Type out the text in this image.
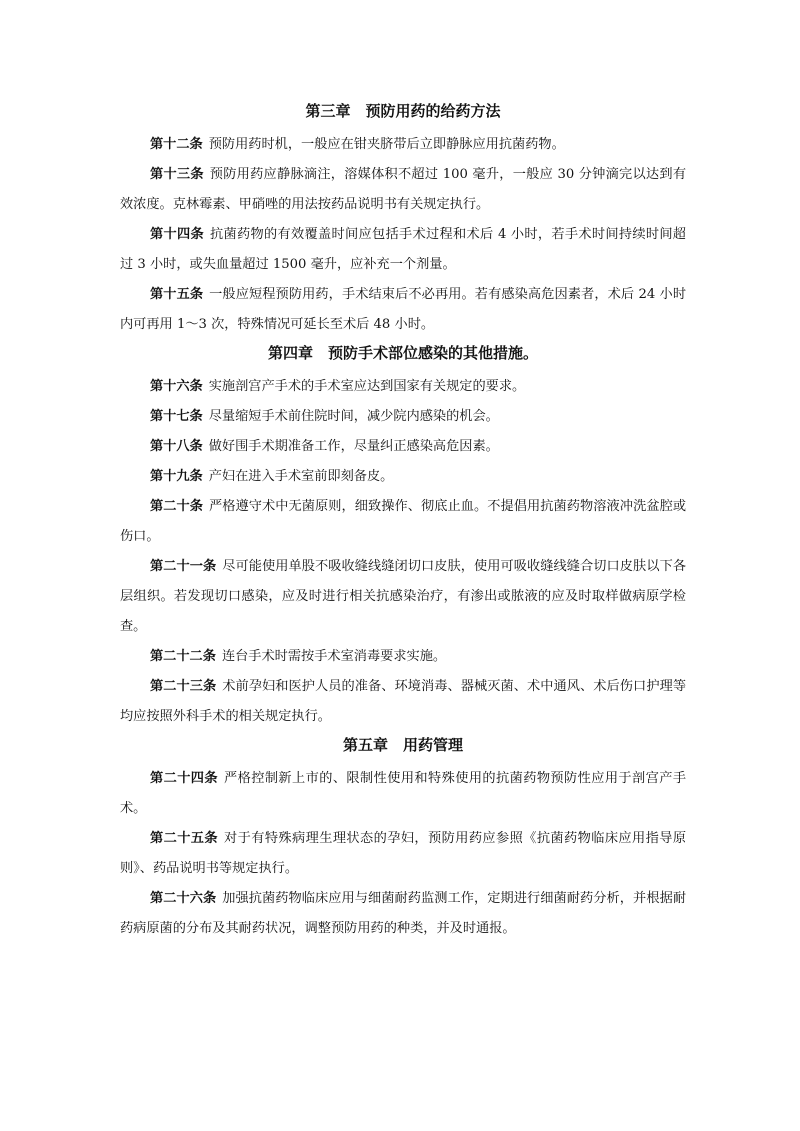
第三章　预防用药的给药方法

第十二条 预防用药时机，一般应在钳夹脐带后立即静脉应用抗菌药物。

第十三条 预防用药应静脉滴注，溶媒体积不超过 100 毫升，一般应 30 分钟滴完以达到有效浓度。克林霉素、甲硝唑的用法按药品说明书有关规定执行。

第十四条 抗菌药物的有效覆盖时间应包括手术过程和术后 4 小时，若手术时间持续时间超过 3 小时，或失血量超过 1500 毫升，应补充一个剂量。

第十五条 一般应短程预防用药，手术结束后不必再用。若有感染高危因素者，术后 24 小时内可再用 1～3 次，特殊情况可延长至术后 48 小时。

第四章　预防手术部位感染的其他措施。

第十六条 实施剖宫产手术的手术室应达到国家有关规定的要求。

第十七条 尽量缩短手术前住院时间，减少院内感染的机会。

第十八条 做好围手术期准备工作，尽量纠正感染高危因素。

第十九条 产妇在进入手术室前即刻备皮。

第二十条 严格遵守术中无菌原则，细致操作、彻底止血。不提倡用抗菌药物溶液冲洗盆腔或伤口。

第二十一条 尽可能使用单股不吸收缝线缝闭切口皮肤，使用可吸收缝线缝合切口皮肤以下各层组织。若发现切口感染，应及时进行相关抗感染治疗，有渗出或脓液的应及时取样做病原学检查。

第二十二条 连台手术时需按手术室消毒要求实施。

第二十三条 术前孕妇和医护人员的准备、环境消毒、器械灭菌、术中通风、术后伤口护理等均应按照外科手术的相关规定执行。

第五章　用药管理

第二十四条 严格控制新上市的、限制性使用和特殊使用的抗菌药物预防性应用于剖宫产手术。

第二十五条 对于有特殊病理生理状态的孕妇，预防用药应参照《抗菌药物临床应用指导原则》、药品说明书等规定执行。

第二十六条 加强抗菌药物临床应用与细菌耐药监测工作，定期进行细菌耐药分析，并根据耐药病原菌的分布及其耐药状况，调整预防用药的种类，并及时通报。
